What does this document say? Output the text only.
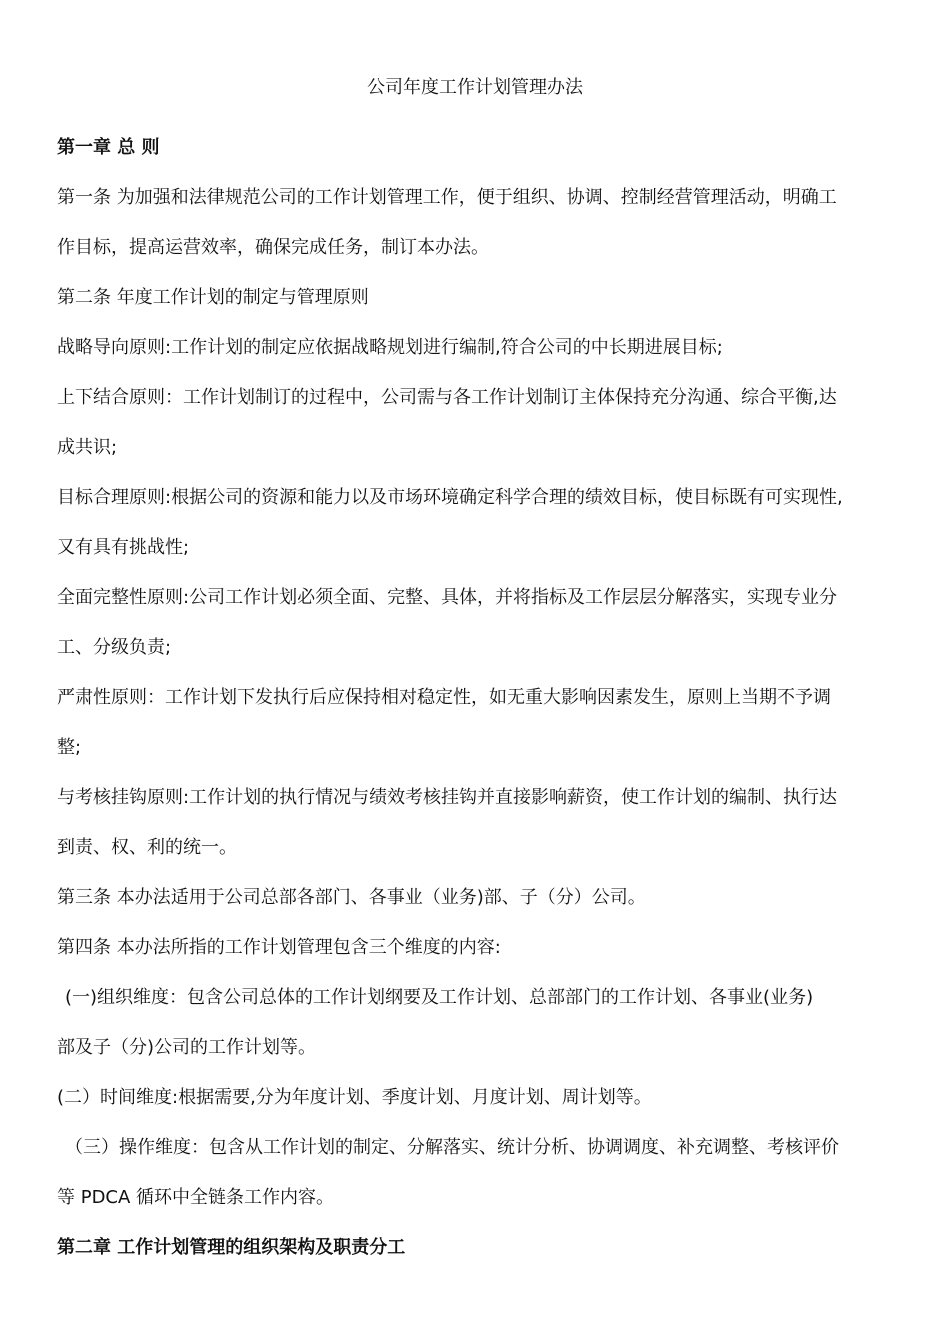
公司年度工作计划管理办法

第一章 总 则

第一条 为加强和法律规范公司的工作计划管理工作，便于组织、协调、控制经营管理活动，明确工

作目标，提高运营效率，确保完成任务，制订本办法。

第二条 年度工作计划的制定与管理原则

战略导向原则:工作计划的制定应依据战略规划进行编制,符合公司的中长期进展目标;

上下结合原则：工作计划制订的过程中，公司需与各工作计划制订主体保持充分沟通、综合平衡,达

成共识;

目标合理原则:根据公司的资源和能力以及市场环境确定科学合理的绩效目标，使目标既有可实现性,

又有具有挑战性;

全面完整性原则:公司工作计划必须全面、完整、具体，并将指标及工作层层分解落实，实现专业分

工、分级负责;

严肃性原则：工作计划下发执行后应保持相对稳定性，如无重大影响因素发生，原则上当期不予调

整;

与考核挂钩原则:工作计划的执行情况与绩效考核挂钩并直接影响薪资，使工作计划的编制、执行达

到责、权、利的统一。

第三条 本办法适用于公司总部各部门、各事业（业务)部、子（分）公司。

第四条 本办法所指的工作计划管理包含三个维度的内容:

(一)组织维度：包含公司总体的工作计划纲要及工作计划、总部部门的工作计划、各事业(业务)

部及子（分)公司的工作计划等。

(二）时间维度:根据需要,分为年度计划、季度计划、月度计划、周计划等。

（三）操作维度：包含从工作计划的制定、分解落实、统计分析、协调调度、补充调整、考核评价

等 PDCA 循环中全链条工作内容。

第二章 工作计划管理的组织架构及职责分工
